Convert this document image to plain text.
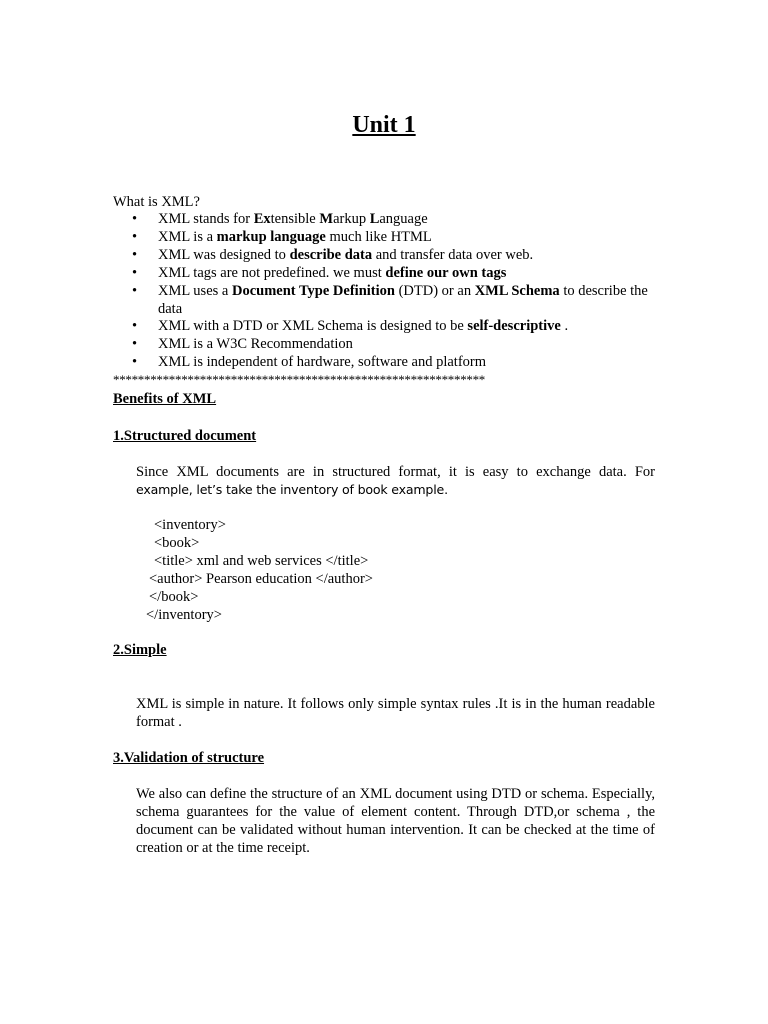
Unit 1
What is XML?
• XML stands for Extensible Markup Language
• XML is a markup language much like HTML
• XML was designed to describe data and transfer data over web.
• XML tags are not predefined. we must define our own tags
• XML uses a Document Type Definition (DTD) or an XML Schema to describe the data
• XML with a DTD or XML Schema is designed to be self-descriptive .
• XML is a W3C Recommendation
• XML is independent of hardware, software and platform
************************************************************
Benefits of XML
1.Structured document
Since XML documents are in structured format, it is easy to exchange data. For
example, let’s take the inventory of book example.
<inventory>
<book>
<title> xml and web services </title>
<author> Pearson education </author>
</book>
</inventory>
2.Simple
XML is simple in nature. It follows only simple syntax rules .It is in the human readable format .
3.Validation of structure
We also can define the structure of an XML document using DTD or schema. Especially, schema guarantees for the value of element content. Through DTD,or schema , the document can be validated without human intervention. It can be checked at the time of creation or at the time receipt.
